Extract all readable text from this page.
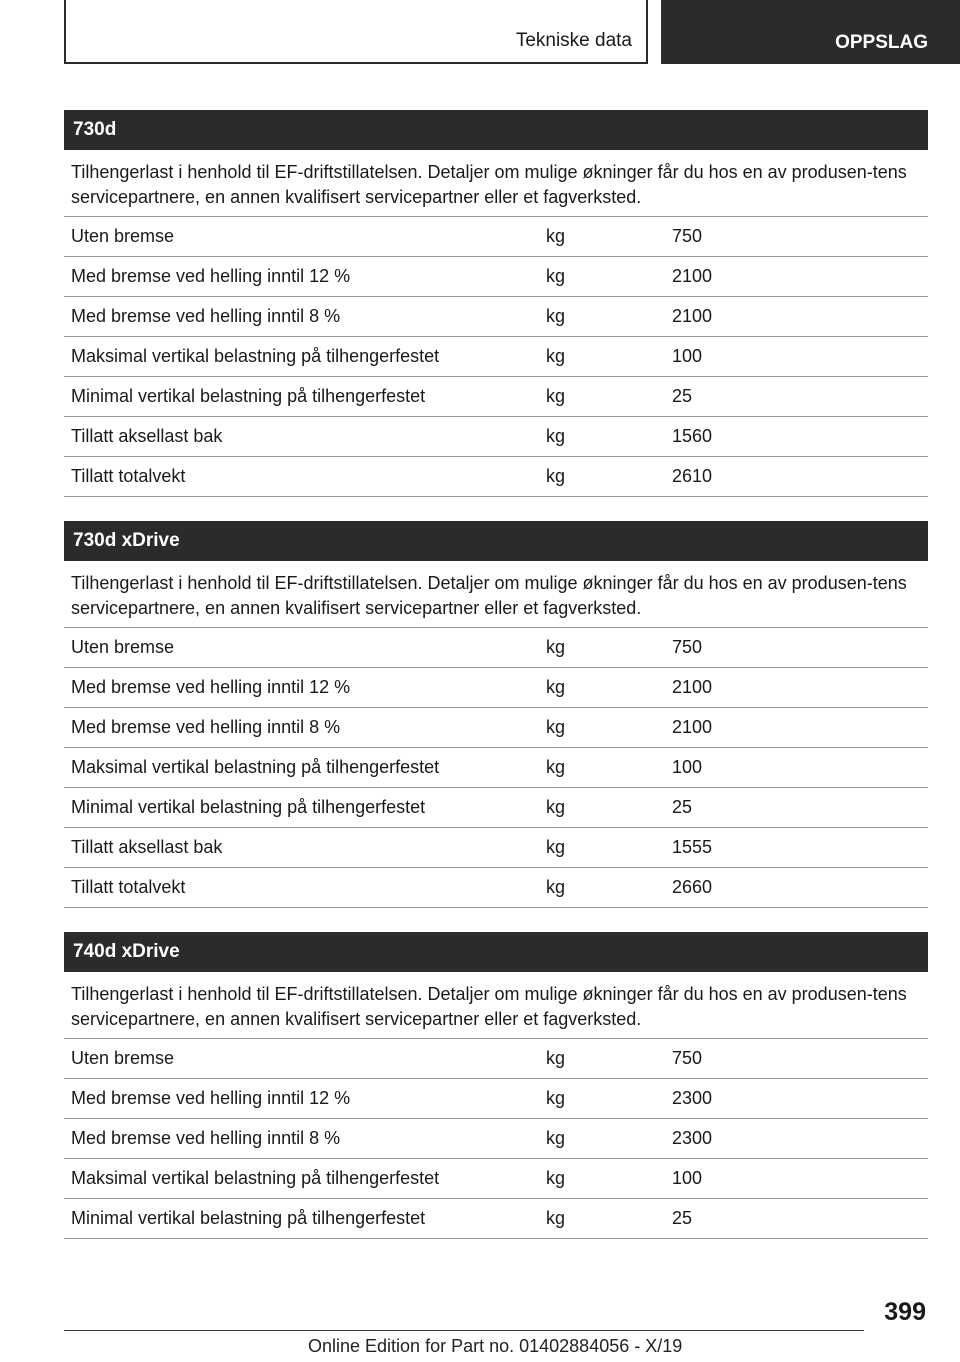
Tekniske data	OPPSLAG
730d
Tilhengerlast i henhold til EF-driftstillatelsen. Detaljer om mulige økninger får du hos en av produsen-tens servicepartnere, en annen kvalifisert servicepartner eller et fagverksted.
Uten bremse	kg	750
Med bremse ved helling inntil 12 %	kg	2100
Med bremse ved helling inntil 8 %	kg	2100
Maksimal vertikal belastning på tilhengerfestet	kg	100
Minimal vertikal belastning på tilhengerfestet	kg	25
Tillatt aksellast bak	kg	1560
Tillatt totalvekt	kg	2610
730d xDrive
Tilhengerlast i henhold til EF-driftstillatelsen. Detaljer om mulige økninger får du hos en av produsen-tens servicepartnere, en annen kvalifisert servicepartner eller et fagverksted.
Uten bremse	kg	750
Med bremse ved helling inntil 12 %	kg	2100
Med bremse ved helling inntil 8 %	kg	2100
Maksimal vertikal belastning på tilhengerfestet	kg	100
Minimal vertikal belastning på tilhengerfestet	kg	25
Tillatt aksellast bak	kg	1555
Tillatt totalvekt	kg	2660
740d xDrive
Tilhengerlast i henhold til EF-driftstillatelsen. Detaljer om mulige økninger får du hos en av produsen-tens servicepartnere, en annen kvalifisert servicepartner eller et fagverksted.
Uten bremse	kg	750
Med bremse ved helling inntil 12 %	kg	2300
Med bremse ved helling inntil 8 %	kg	2300
Maksimal vertikal belastning på tilhengerfestet	kg	100
Minimal vertikal belastning på tilhengerfestet	kg	25
399
Online Edition for Part no. 01402884056 - X/19
